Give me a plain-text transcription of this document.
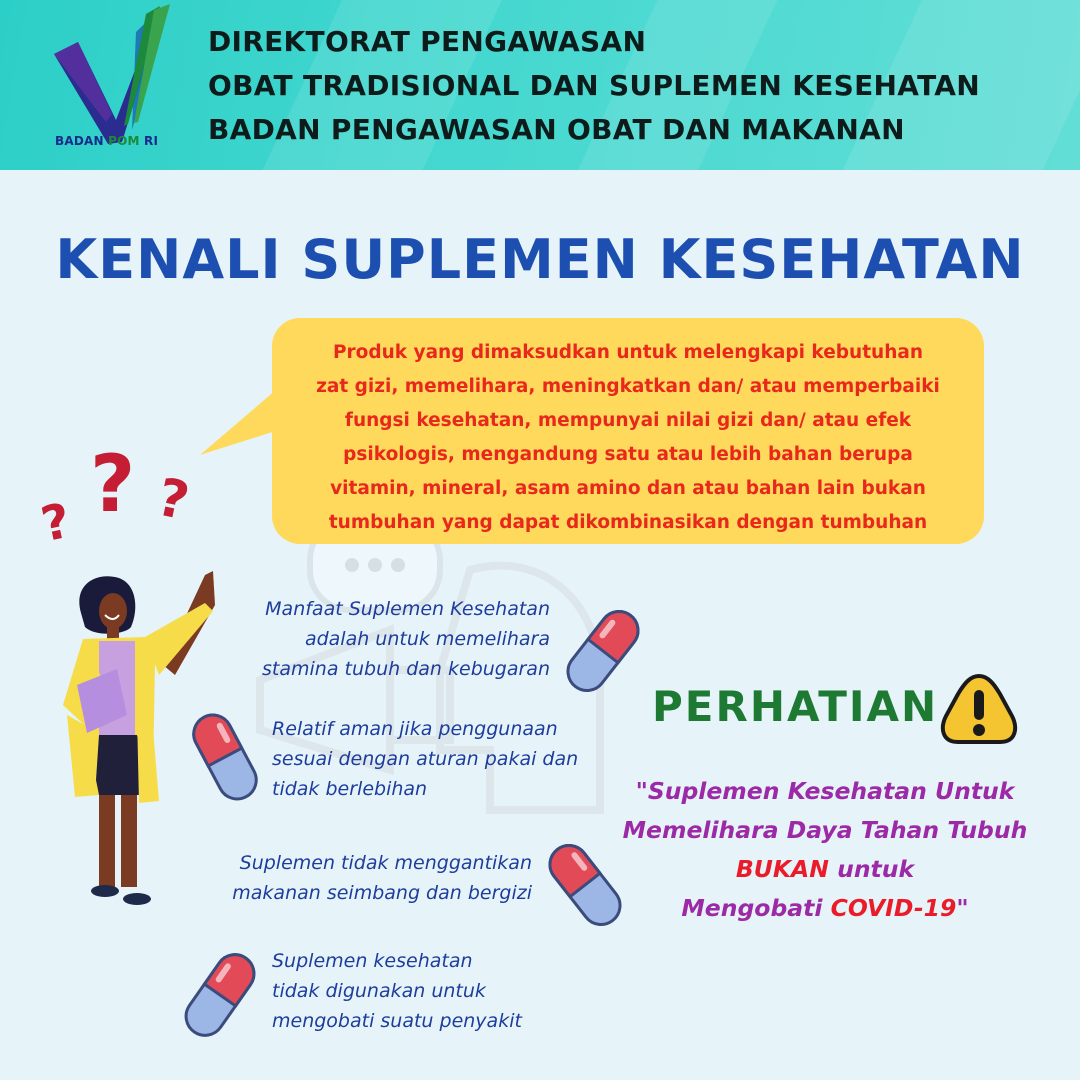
BADAN POM RI
DIREKTORAT PENGAWASAN
OBAT TRADISIONAL DAN SUPLEMEN KESEHATAN
BADAN PENGAWASAN OBAT DAN MAKANAN
KENALI SUPLEMEN KESEHATAN
Produk yang dimaksudkan untuk melengkapi kebutuhan
zat gizi, memelihara, meningkatkan dan/ atau memperbaiki
fungsi kesehatan, mempunyai nilai gizi dan/ atau efek
psikologis, mengandung satu atau lebih bahan berupa
vitamin, mineral, asam amino dan atau bahan lain bukan
tumbuhan yang dapat dikombinasikan dengan tumbuhan
? ? ?
Manfaat Suplemen Kesehatan
adalah untuk memelihara
stamina tubuh dan kebugaran
Relatif aman jika penggunaan
sesuai dengan aturan pakai dan
tidak berlebihan
Suplemen tidak menggantikan
makanan seimbang dan bergizi
Suplemen kesehatan
tidak digunakan untuk
mengobati suatu penyakit
PERHATIAN
"Suplemen Kesehatan Untuk
Memelihara Daya Tahan Tubuh
BUKAN untuk
Mengobati COVID-19"
